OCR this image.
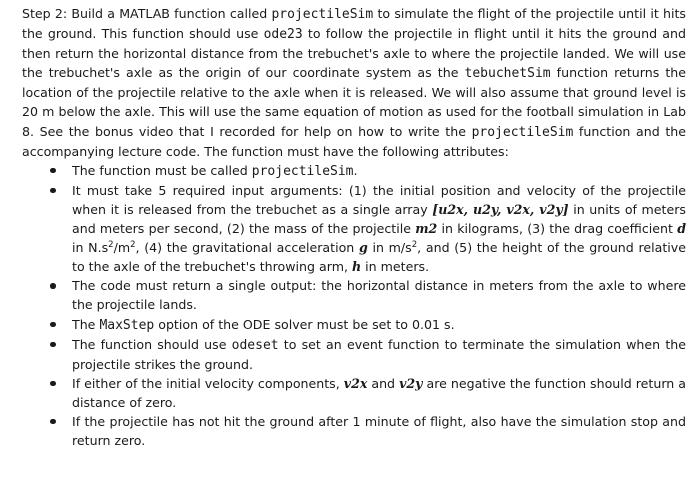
Step 2: Build a MATLAB function called projectileSim to simulate the flight of the projectile until it hits the ground. This function should use ode23 to follow the projectile in flight until it hits the ground and then return the horizontal distance from the trebuchet's axle to where the projectile landed. We will use the trebuchet's axle as the origin of our coordinate system as the tebuchetSim function returns the location of the projectile relative to the axle when it is released. We will also assume that ground level is 20 m below the axle. This will use the same equation of motion as used for the football simulation in Lab 8. See the bonus video that I recorded for help on how to write the projectileSim function and the accompanying lecture code. The function must have the following attributes:

The function must be called projectileSim.
It must take 5 required input arguments: (1) the initial position and velocity of the projectile when it is released from the trebuchet as a single array [u2x, u2y, v2x, v2y] in units of meters and meters per second, (2) the mass of the projectile m2 in kilograms, (3) the drag coefficient d in $N.s^2/m^2$, (4) the gravitational acceleration g in $m/s^2$, and (5) the height of the ground relative to the axle of the trebuchet's throwing arm, h in meters.
The code must return a single output: the horizontal distance in meters from the axle to where the projectile lands.
The MaxStep option of the ODE solver must be set to 0.01 s.
The function should use odeset to set an event function to terminate the simulation when the projectile strikes the ground.
If either of the initial velocity components, v2x and v2y are negative the function should return a distance of zero.
If the projectile has not hit the ground after 1 minute of flight, also have the simulation stop and return zero.
